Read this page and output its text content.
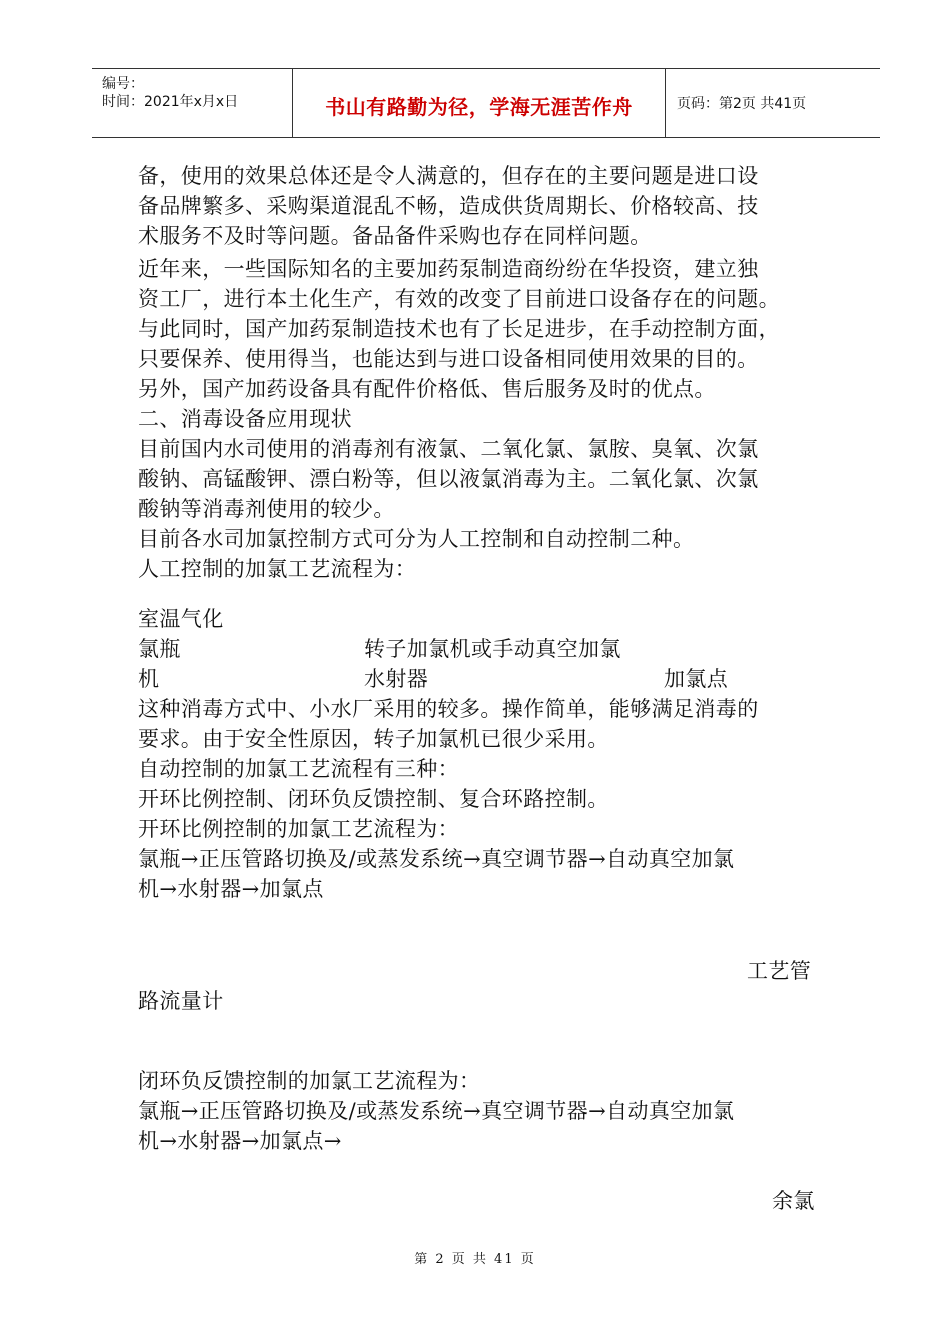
编号：
时间：2021年x月x日	书山有路勤为径，学海无涯苦作舟	页码：第2页 共41页
备，使用的效果总体还是令人满意的，但存在的主要问题是进口设
备品牌繁多、采购渠道混乱不畅，造成供货周期长、价格较高、技
术服务不及时等问题。备品备件采购也存在同样问题。
近年来，一些国际知名的主要加药泵制造商纷纷在华投资，建立独
资工厂，进行本土化生产，有效的改变了目前进口设备存在的问题。
与此同时，国产加药泵制造技术也有了长足进步，在手动控制方面，
只要保养、使用得当，也能达到与进口设备相同使用效果的目的。
另外，国产加药设备具有配件价格低、售后服务及时的优点。
二、消毒设备应用现状
目前国内水司使用的消毒剂有液氯、二氧化氯、氯胺、臭氧、次氯
酸钠、高锰酸钾、漂白粉等，但以液氯消毒为主。二氧化氯、次氯
酸钠等消毒剂使用的较少。
目前各水司加氯控制方式可分为人工控制和自动控制二种。
人工控制的加氯工艺流程为：
室温气化
氯瓶	转子加氯机或手动真空加氯
机	水射器	加氯点
这种消毒方式中、小水厂采用的较多。操作简单，能够满足消毒的
要求。由于安全性原因，转子加氯机已很少采用。
自动控制的加氯工艺流程有三种：
开环比例控制、闭环负反馈控制、复合环路控制。
开环比例控制的加氯工艺流程为：
氯瓶→正压管路切换及/或蒸发系统→真空调节器→自动真空加氯
机→水射器→加氯点
工艺管
路流量计
闭环负反馈控制的加氯工艺流程为：
氯瓶→正压管路切换及/或蒸发系统→真空调节器→自动真空加氯
机→水射器→加氯点→
余氯
第 2 页 共 41 页
